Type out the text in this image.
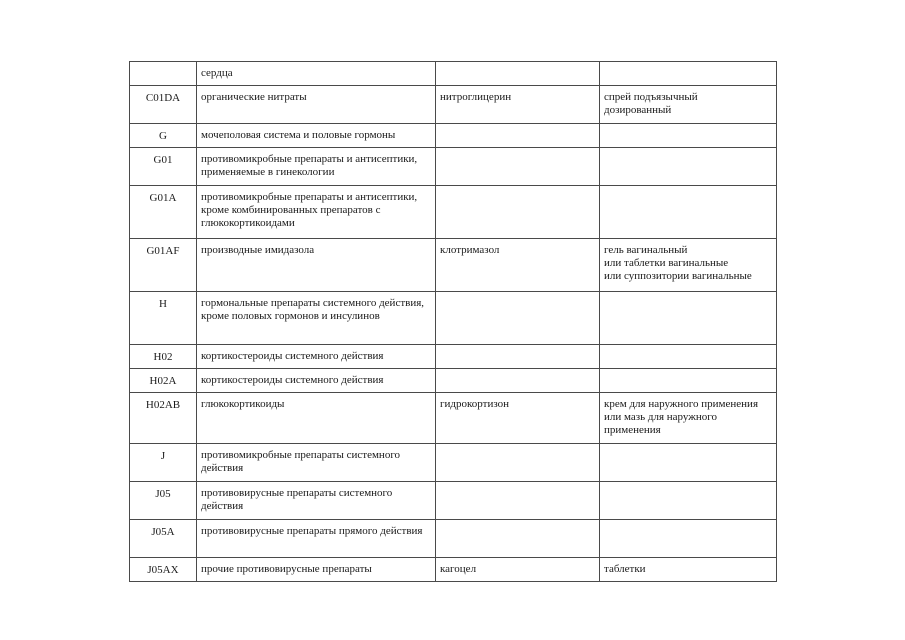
	сердца		
C01DA	органические нитраты	нитроглицерин	спрей подъязычный
дозированный

G	мочеполовая система и половые гормоны		
G01	противомикробные препараты и антисептики, применяемые в гинекологии		
G01A	противомикробные препараты и антисептики, кроме комбинированных препаратов с глюкокортикоидами		
G01AF	производные имидазола	клотримазол	гель вагинальный
или таблетки вагинальные
или суппозитории вагинальные

H	гормональные препараты системного действия, кроме половых гормонов и инсулинов		
H02	кортикостероиды системного действия		
H02A	кортикостероиды системного действия		
H02AB	глюкокортикоиды	гидрокортизон	крем для наружного применения
или мазь для наружного
применения

J	противомикробные препараты системного действия		
J05	противовирусные препараты системного действия		
J05A	противовирусные препараты прямого действия		
J05AX	прочие противовирусные препараты	кагоцел	таблетки
